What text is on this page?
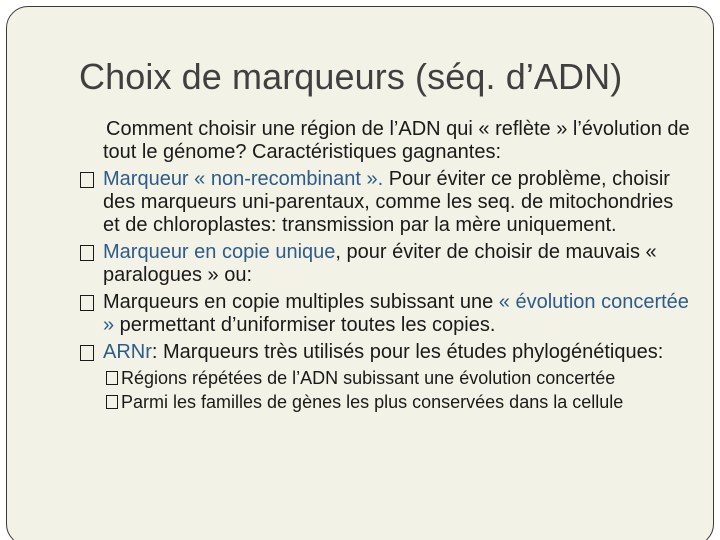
Choix de marqueurs (séq. d’ADN)

Comment choisir une région de l’ADN qui « reflète » l’évolution de tout le génome? Caractéristiques gagnantes:

Marqueur « non-recombinant ». Pour éviter ce problème, choisir des marqueurs uni-parentaux, comme les seq. de mitochondries et de chloroplastes: transmission par la mère uniquement.
Marqueur en copie unique, pour éviter de choisir de mauvais « paralogues » ou:
Marqueurs en copie multiples subissant une « évolution concertée » permettant d’uniformiser toutes les copies.
ARNr: Marqueurs très utilisés pour les études phylogénétiques:
Régions répétées de l’ADN subissant une évolution concertée
Parmi les familles de gènes les plus conservées dans la cellule
